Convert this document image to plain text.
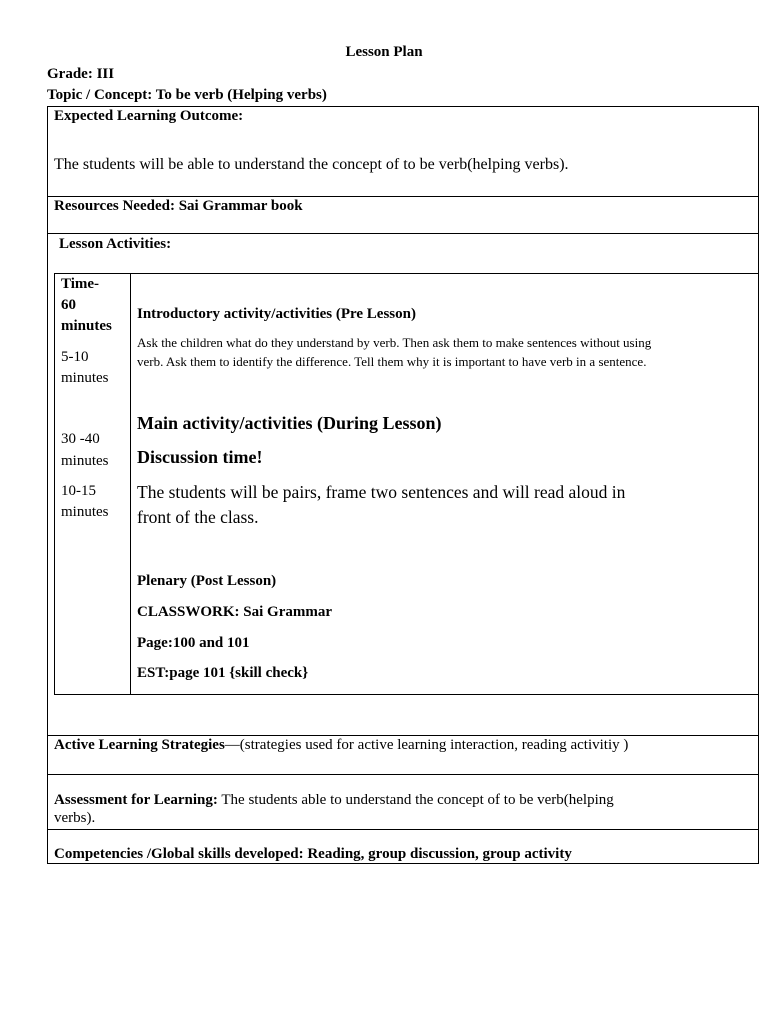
Lesson Plan
Grade: III
Topic / Concept: To be verb (Helping verbs)
Expected Learning Outcome:
The students will be able to understand the concept of to be verb(helping verbs).
Resources Needed: Sai Grammar book
Lesson Activities:
Time-
60
minutes
5-10
minutes
30 -40
minutes
10-15
minutes
Introductory activity/activities (Pre Lesson)
Ask the children what do they understand by verb. Then ask them to make sentences without using
verb. Ask them to identify the difference. Tell them why it is important to have verb in a sentence.
Main activity/activities (During Lesson)
Discussion time!
The students will be pairs, frame two sentences and will read aloud in
front of the class.
Plenary (Post Lesson)
CLASSWORK: Sai Grammar
Page:100 and 101
EST:page 101 {skill check}
Active Learning Strategies—(strategies used for active learning interaction, reading activitiy )
Assessment for Learning: The students able to understand the concept of to be verb(helping
verbs).
Competencies /Global skills developed: Reading, group discussion, group activity
